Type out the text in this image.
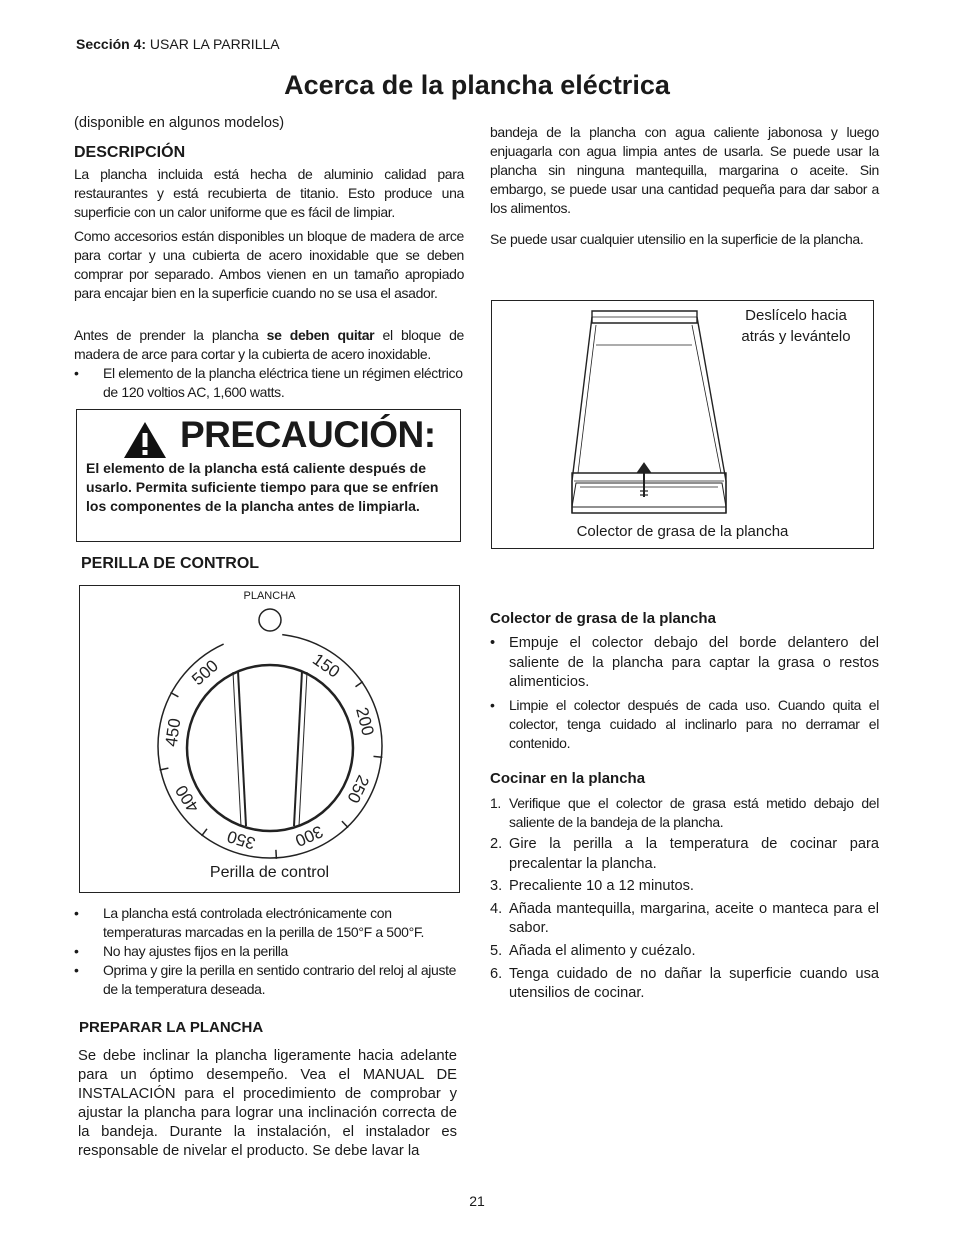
Sección 4: USAR LA PARRILLA
Acerca de la plancha eléctrica
(disponible en algunos modelos)
DESCRIPCIÓN

La plancha incluida está hecha de aluminio calidad para restaurantes y está recubierta de titanio. Esto produce una superficie con un calor uniforme que es fácil de limpiar.

Como accesorios están disponibles un bloque de madera de arce para cortar y una cubierta de acero inoxidable que se deben comprar por separado. Ambos vienen en un tamaño apropiado para encajar bien en la superficie cuando no se usa el asador.

Antes de prender la plancha se deben quitar el bloque de madera de arce para cortar y la cubierta de acero inoxidable.

• El elemento de la plancha eléctrica tiene un régimen eléctrico de 120 voltios AC, 1,600 watts.

PRECAUCIÓN:

El elemento de la plancha está caliente después de usarlo. Permita suficiente tiempo para que se enfríen los componentes de la plancha antes de limpiarla.

PERILLA DE CONTROL
PLANCHA
150
200
250
300
350
400
450
500
Perilla de control

• La plancha está controlada electrónicamente con temperaturas marcadas en la perilla de 150°F a 500°F.

• No hay ajustes fijos en la perilla

• Oprima y gire la perilla en sentido contrario del reloj al ajuste de la temperatura deseada.

PREPARAR LA PLANCHA

Se debe inclinar la plancha ligeramente hacia adelante para un óptimo desempeño. Vea el MANUAL DE INSTALACIÓN para el procedimiento de comprobar y ajustar la plancha para lograr una inclinación correcta de la bandeja. Durante la instalación, el instalador es responsable de nivelar el producto. Se debe lavar la

bandeja de la plancha con agua caliente jabonosa y luego enjuagarla con agua limpia antes de usarla. Se puede usar la plancha sin ninguna mantequilla, margarina o aceite. Sin embargo, se puede usar una cantidad pequeña para dar sabor a los alimentos.

Se puede usar cualquier utensilio en la superficie de la plancha.

Deslícelo hacia
atrás y levántelo
Colector de grasa de la plancha
Colector de grasa de la plancha

• Empuje el colector debajo del borde delantero del saliente de la plancha para captar la grasa o restos alimenticios.

• Limpie el colector después de cada uso. Cuando quita el colector, tenga cuidado al inclinarlo para no derramar el contenido.

Cocinar en la plancha

1. Verifique que el colector de grasa está metido debajo del saliente de la bandeja de la plancha.

2. Gire la perilla a la temperatura de cocinar para precalentar la plancha.

3. Precaliente 10 a 12 minutos.

4. Añada mantequilla, margarina, aceite o manteca para el sabor.

5. Añada el alimento y cuézalo.

6. Tenga cuidado de no dañar la superficie cuando usa utensilios de cocinar.

21
